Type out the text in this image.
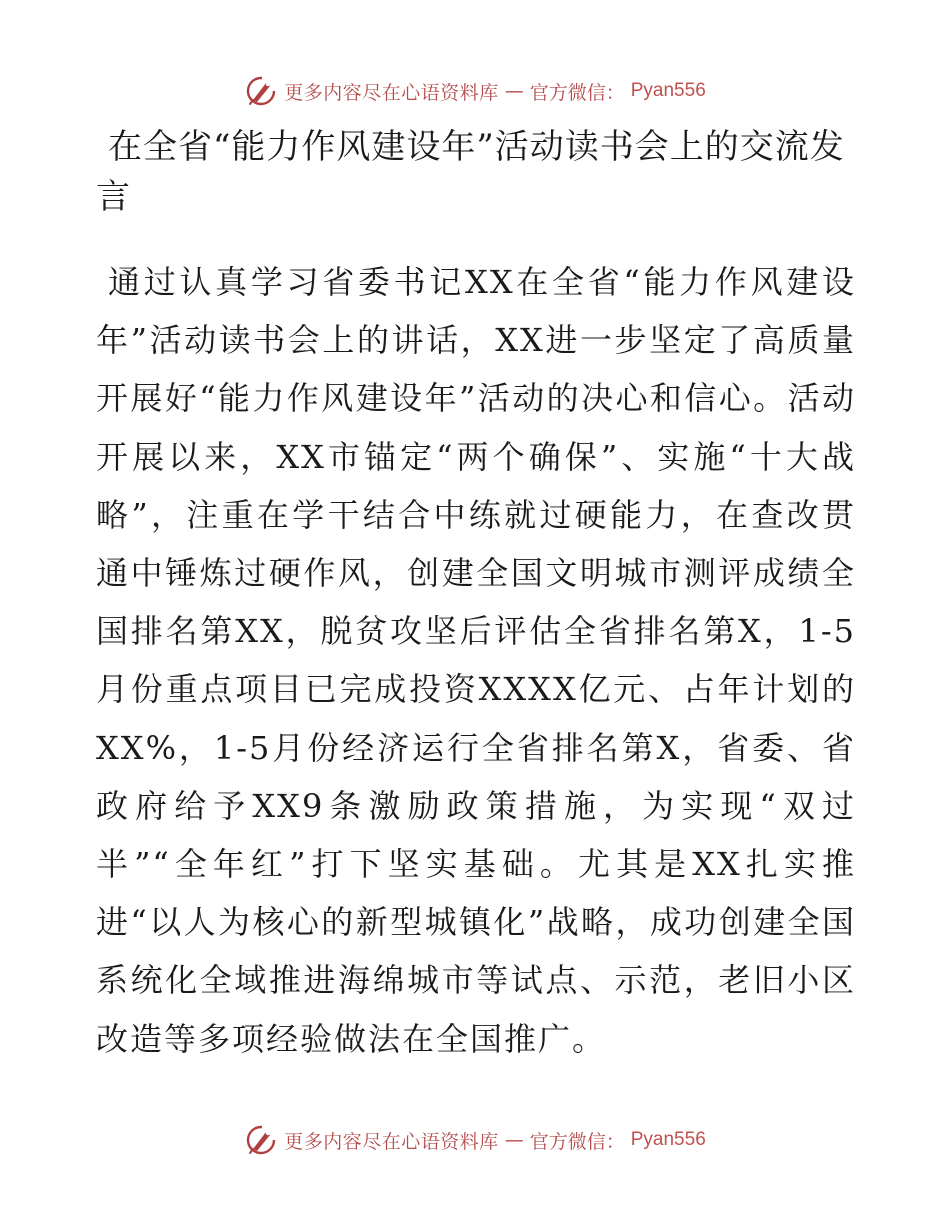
更多内容尽在心语资料库 — 官方微信： Pyan556
在全省“能力作风建设年”活动读书会上的交流发言

通过认真学习省委书记XX在全省“能力作风建设年”活动读书会上的讲话，XX进一步坚定了高质量开展好“能力作风建设年”活动的决心和信心。活动开展以来，XX市锚定“两个确保”、实施“十大战略”，注重在学干结合中练就过硬能力，在查改贯通中锤炼过硬作风，创建全国文明城市测评成绩全国排名第XX，脱贫攻坚后评估全省排名第X，1-5月份重点项目已完成投资XXXX亿元、占年计划的XX%，1-5月份经济运行全省排名第X，省委、省政府给予XX9条激励政策措施，为实现“双过半”“全年红”打下坚实基础。尤其是XX扎实推进“以人为核心的新型城镇化”战略，成功创建全国系统化全域推进海绵城市等试点、示范，老旧小区改造等多项经验做法在全国推广。

更多内容尽在心语资料库 — 官方微信： Pyan556
